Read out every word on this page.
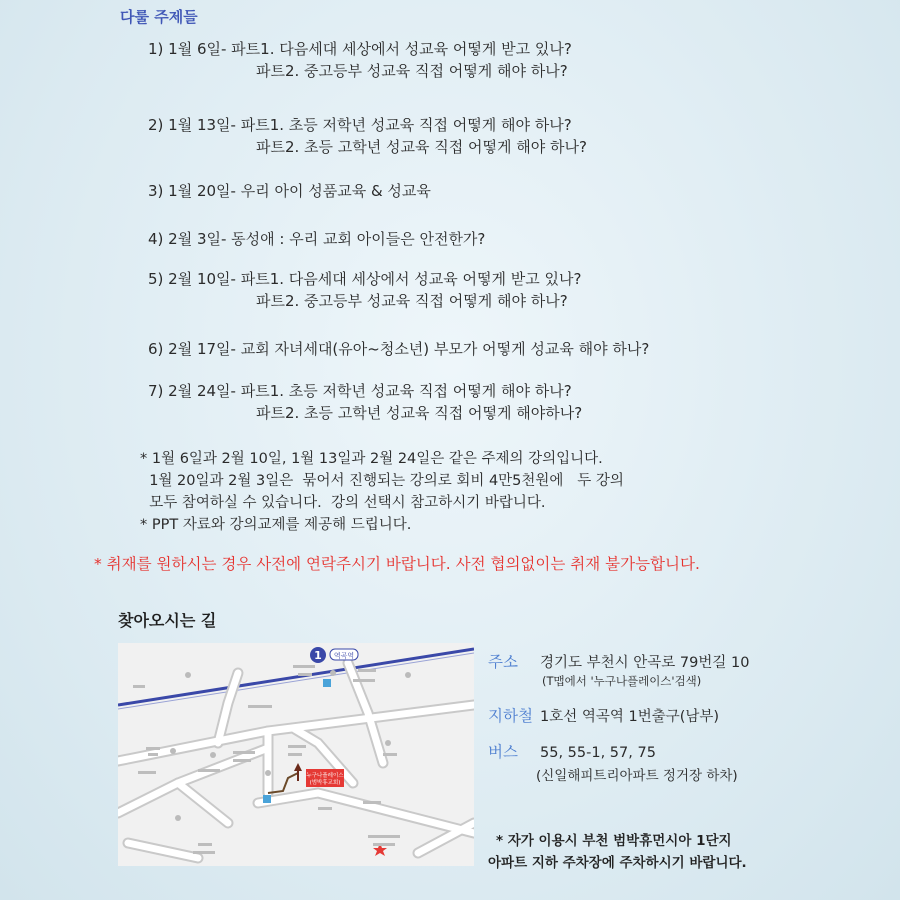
다룰 주제들
1) 1월 6일- 파트1. 다음세대 세상에서 성교육 어떻게 받고 있나?
파트2. 중고등부 성교육 직접 어떻게 해야 하나?
2) 1월 13일- 파트1. 초등 저학년 성교육 직접 어떻게 해야 하나?
파트2. 초등 고학년 성교육 직접 어떻게 해야 하나?
3) 1월 20일- 우리 아이 성품교육 & 성교육
4) 2월 3일- 동성애 : 우리 교회 아이들은 안전한가?
5) 2월 10일- 파트1. 다음세대 세상에서 성교육 어떻게 받고 있나?
파트2. 중고등부 성교육 직접 어떻게 해야 하나?
6) 2월 17일- 교회 자녀세대(유아~청소년) 부모가 어떻게 성교육 해야 하나?
7) 2월 24일- 파트1. 초등 저학년 성교육 직접 어떻게 해야 하나?
파트2. 초등 고학년 성교육 직접 어떻게 해야하나?
* 1월 6일과 2월 10일, 1월 13일과 2월 24일은 같은 주제의 강의입니다.
1월 20일과 2월 3일은  묶어서 진행되는 강의로 회비 4만5천원에   두 강의
모두 참여하실 수 있습니다.  강의 선택시 참고하시기 바랍니다.
* PPT 자료와 강의교제를 제공해 드립니다.
* 취재를 원하시는 경우 사전에 연락주시기 바랍니다. 사전 협의없이는 취재 불가능합니다.
찾아오시는 길
1 역곡역
누구나플레이스
(범박휴교회)
주소 경기도 부천시 안곡로 79번길 10
(T맵에서 '누구나플레이스'검색)
지하철 1호선 역곡역 1번출구(남부)
버스 55, 55-1, 57, 75
(신일해피트리아파트 정거장 하차)
* 자가 이용시 부천 범박휴먼시아 1단지
아파트 지하 주차장에 주차하시기 바랍니다.
